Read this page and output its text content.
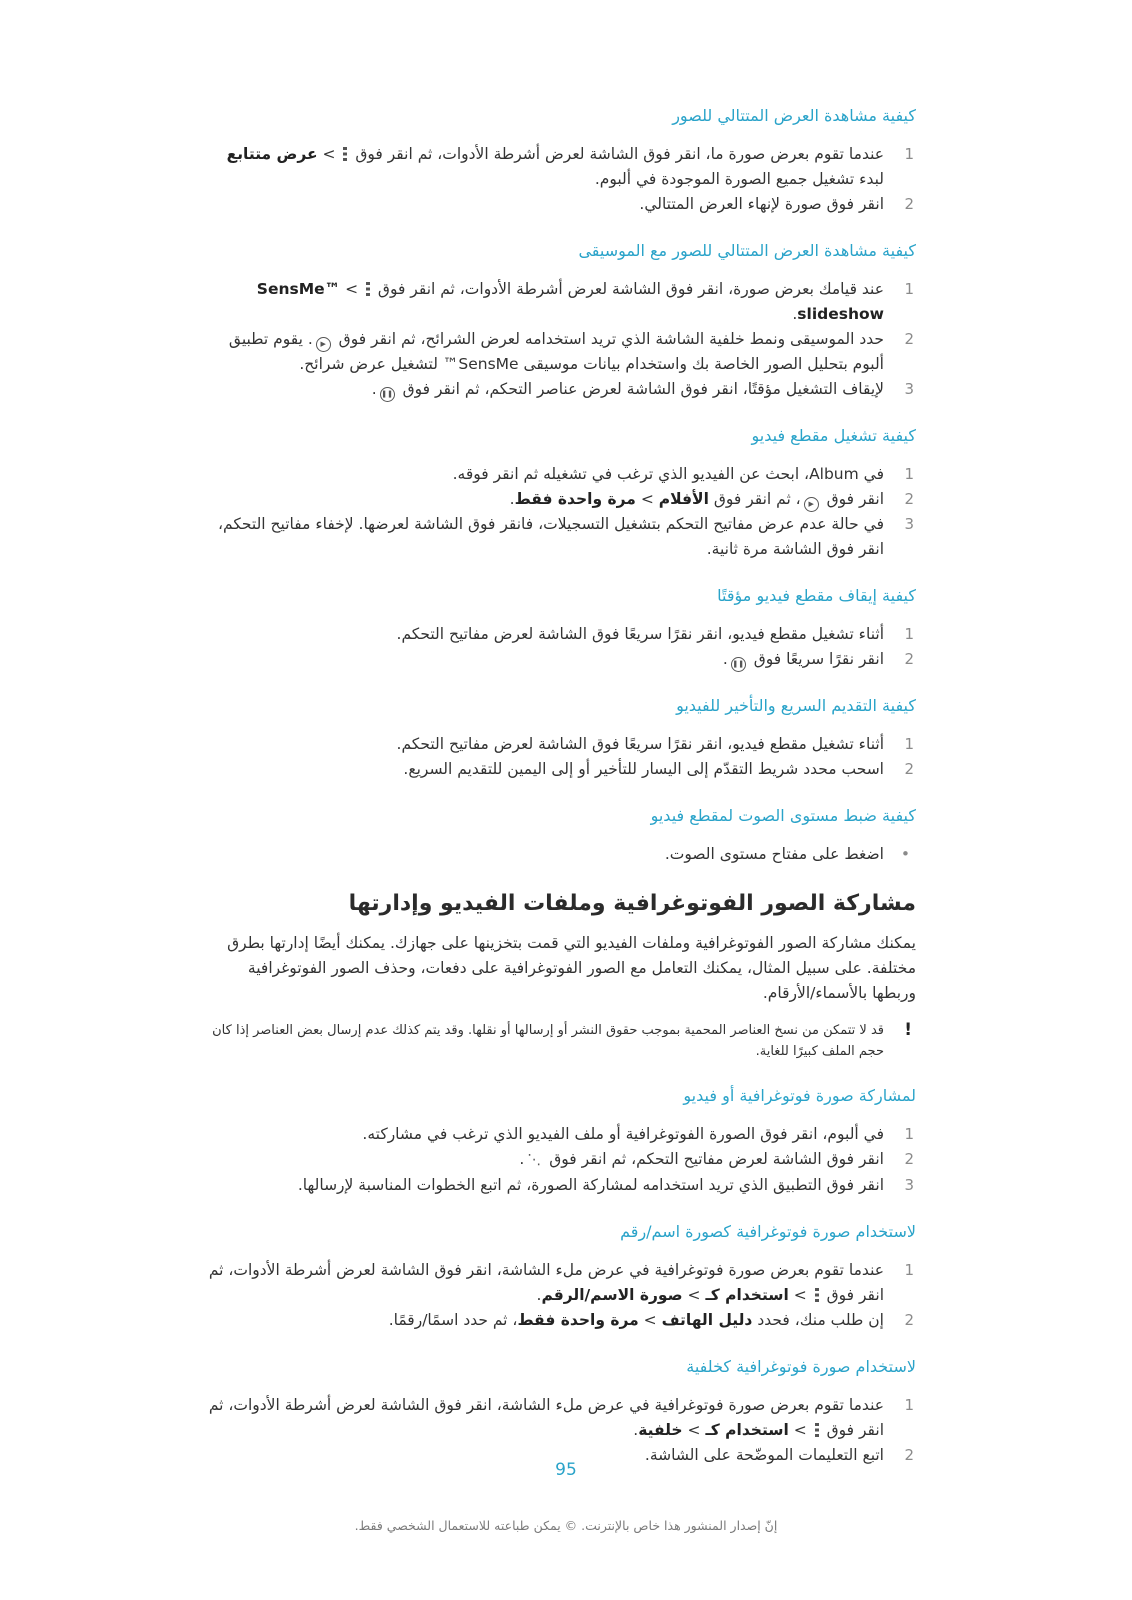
كيفية مشاهدة العرض المتتالي للصور
1
عندما تقوم بعرض صورة ما، انقر فوق الشاشة لعرض أشرطة الأدوات، ثم انقر فوق  > عرض متتابع لبدء تشغيل جميع الصورة الموجودة في ألبوم.
2
انقر فوق صورة لإنهاء العرض المتتالي.
كيفية مشاهدة العرض المتتالي للصور مع الموسيقى
1
عند قيامك بعرض صورة، انقر فوق الشاشة لعرض أشرطة الأدوات، ثم انقر فوق  > SensMe™ slideshow.
2
حدد الموسيقى ونمط خلفية الشاشة الذي تريد استخدامه لعرض الشرائح، ثم انقر فوق ▶. يقوم تطبيق ألبوم بتحليل الصور الخاصة بك واستخدام بيانات موسيقى SensMe™ لتشغيل عرض شرائح.
3
لإيقاف التشغيل مؤقتًا، انقر فوق الشاشة لعرض عناصر التحكم، ثم انقر فوق ❚❚.
كيفية تشغيل مقطع فيديو
1
في Album، ابحث عن الفيديو الذي ترغب في تشغيله ثم انقر فوقه.
2
انقر فوق ▶، ثم انقر فوق الأفلام > مرة واحدة فقط.
3
في حالة عدم عرض مفاتيح التحكم بتشغيل التسجيلات، فانقر فوق الشاشة لعرضها. لإخفاء مفاتيح التحكم، انقر فوق الشاشة مرة ثانية.
كيفية إيقاف مقطع فيديو مؤقتًا
1
أثناء تشغيل مقطع فيديو، انقر نقرًا سريعًا فوق الشاشة لعرض مفاتيح التحكم.
2
انقر نقرًا سريعًا فوق ❚❚.
كيفية التقديم السريع والتأخير للفيديو
1
أثناء تشغيل مقطع فيديو، انقر نقرًا سريعًا فوق الشاشة لعرض مفاتيح التحكم.
2
اسحب محدد شريط التقدّم إلى اليسار للتأخير أو إلى اليمين للتقديم السريع.
كيفية ضبط مستوى الصوت لمقطع فيديو
•
اضغط على مفتاح مستوى الصوت.
مشاركة الصور الفوتوغرافية وملفات الفيديو وإدارتها

يمكنك مشاركة الصور الفوتوغرافية وملفات الفيديو التي قمت بتخزينها على جهازك. يمكنك أيضًا إدارتها بطرق مختلفة. على سبيل المثال، يمكنك التعامل مع الصور الفوتوغرافية على دفعات، وحذف الصور الفوتوغرافية وربطها بالأسماء/الأرقام.

!
قد لا تتمكن من نسخ العناصر المحمية بموجب حقوق النشر أو إرسالها أو نقلها. وقد يتم كذلك عدم إرسال بعض العناصر إذا كان حجم الملف كبيرًا للغاية.
لمشاركة صورة فوتوغرافية أو فيديو
1
في ألبوم، انقر فوق الصورة الفوتوغرافية أو ملف الفيديو الذي ترغب في مشاركته.
2
انقر فوق الشاشة لعرض مفاتيح التحكم، ثم انقر فوق ⋰.
3
انقر فوق التطبيق الذي تريد استخدامه لمشاركة الصورة، ثم اتبع الخطوات المناسبة لإرسالها.
لاستخدام صورة فوتوغرافية كصورة اسم/رقم
1
عندما تقوم بعرض صورة فوتوغرافية في عرض ملء الشاشة، انقر فوق الشاشة لعرض أشرطة الأدوات، ثم انقر فوق  > استخدام كـ > صورة الاسم/الرقم.
2
إن طلب منك، فحدد دليل الهاتف > مرة واحدة فقط، ثم حدد اسمًا/رقمًا.
لاستخدام صورة فوتوغرافية كخلفية
1
عندما تقوم بعرض صورة فوتوغرافية في عرض ملء الشاشة، انقر فوق الشاشة لعرض أشرطة الأدوات، ثم انقر فوق  > استخدام كـ > خلفية.
2
اتبع التعليمات الموضّحة على الشاشة.
95
إنّ إصدار المنشور هذا خاص بالإنترنت. © يمكن طباعته للاستعمال الشخصي فقط.
